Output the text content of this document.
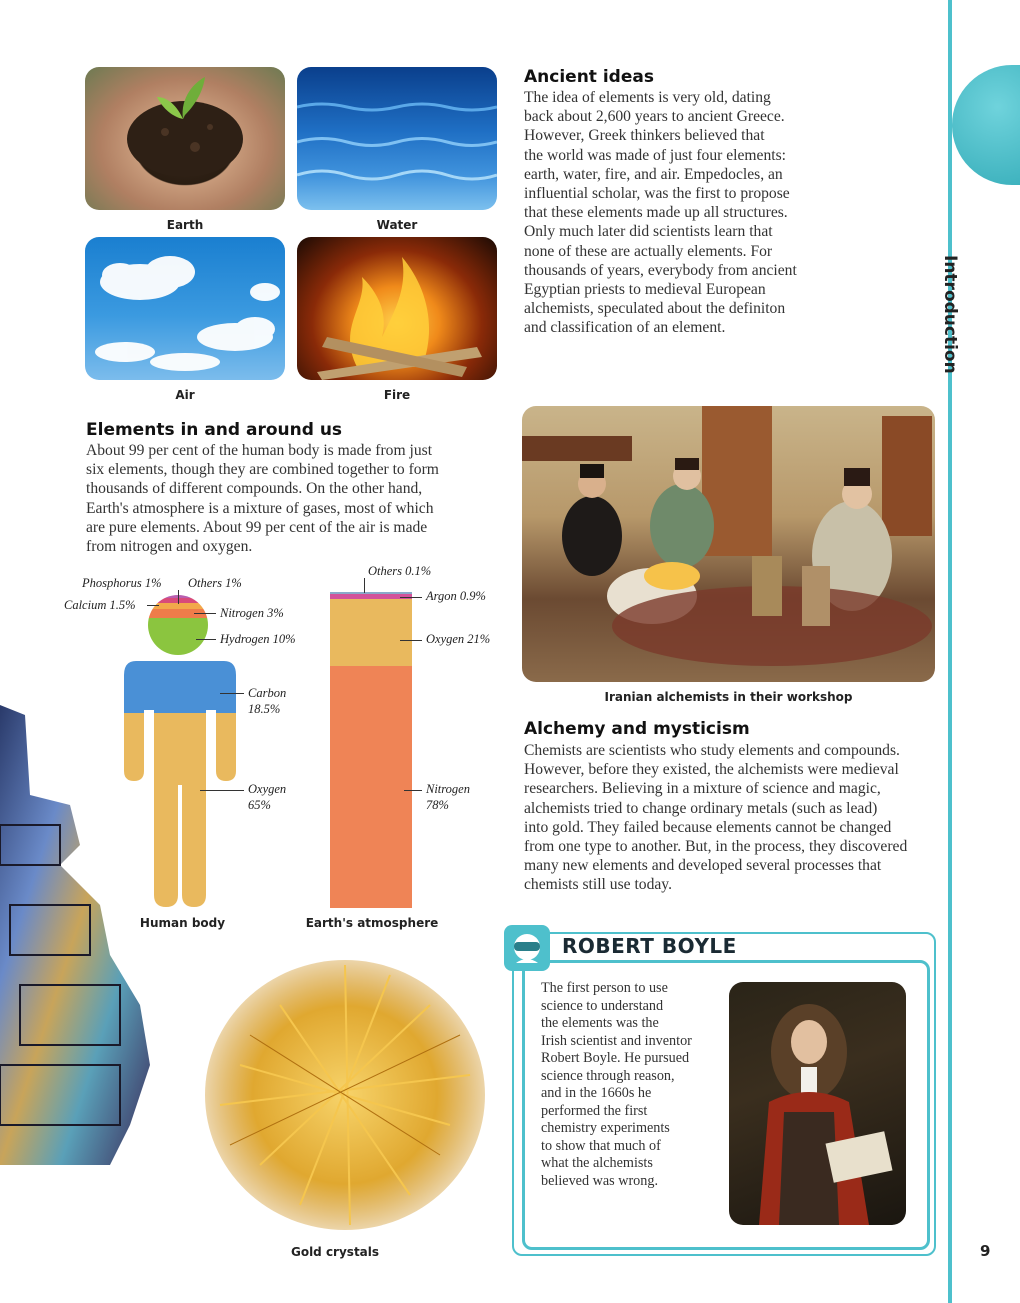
Introduction
9
Earth	Water
Air	Fire
Ancient ideas
The idea of elements is very old, dating
back about 2,600 years to ancient Greece.
However, Greek thinkers believed that
the world was made of just four elements:
earth, water, fire, and air. Empedocles, an
influential scholar, was the first to propose
that these elements made up all structures.
Only much later did scientists learn that
none of these are actually elements. For
thousands of years, everybody from ancient
Egyptian priests to medieval European
alchemists, speculated about the definiton
and classification of an element.
Elements in and around us
About 99 per cent of the human body is made from just
six elements, though they are combined together to form
thousands of different compounds. On the other hand,
Earth's atmosphere is a mixture of gases, most of which
are pure elements. About 99 per cent of the air is made
from nitrogen and oxygen.
Phosphorus 1% Others 1%
Calcium 1.5%
Nitrogen 3%
Hydrogen 10%
Carbon 18.5%
Oxygen 65%
Human body
Others 0.1%
Argon 0.9%
Oxygen 21%
Nitrogen 78%
Earth's atmosphere
Iranian alchemists in their workshop
Alchemy and mysticism
Chemists are scientists who study elements and compounds.
However, before they existed, the alchemists were medieval
researchers. Believing in a mixture of science and magic,
alchemists tried to change ordinary metals (such as lead)
into gold. They failed because elements cannot be changed
from one type to another. But, in the process, they discovered
many new elements and developed several processes that
chemists still use today.
Gold crystals
ROBERT BOYLE
The first person to use
science to understand
the elements was the
Irish scientist and inventor
Robert Boyle. He pursued
science through reason,
and in the 1660s he
performed the first
chemistry experiments
to show that much of
what the alchemists
believed was wrong.
